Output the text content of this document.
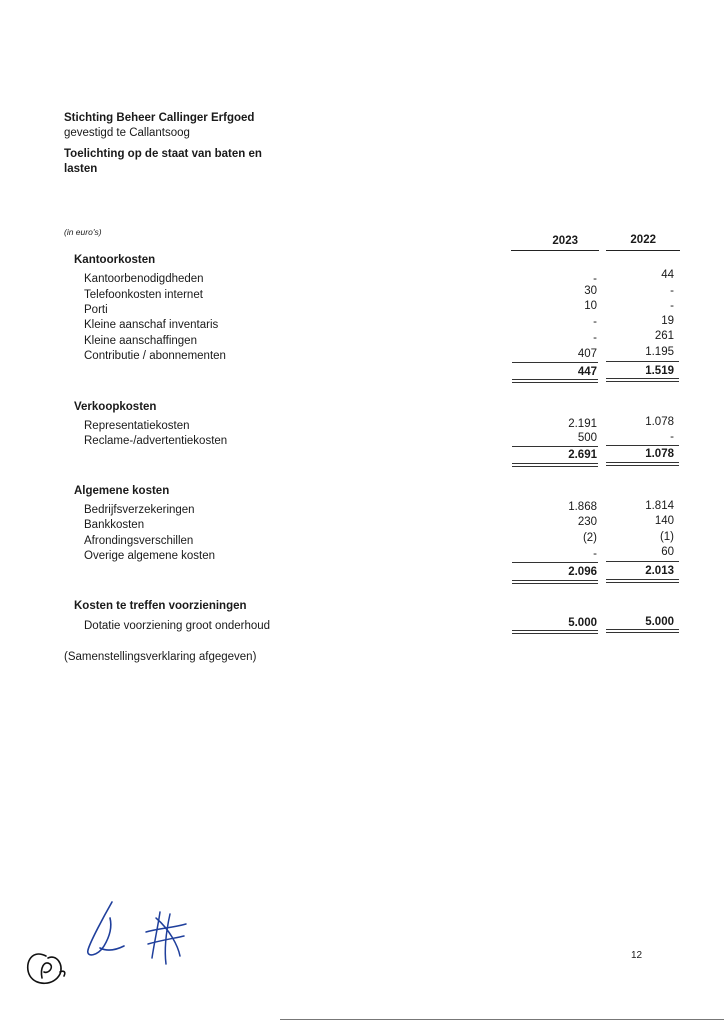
Stichting Beheer Callinger Erfgoed
gevestigd te Callantsoog
Toelichting op de staat van baten en lasten
(in euro's)
2023	2022
Kantoorkosten
Kantoorbenodigdheden	-	44
Telefoonkosten internet	30	-
Porti	10	-
Kleine aanschaf inventaris	-	19
Kleine aanschaffingen	-	261
Contributie / abonnementen	407	1.195
447	1.519
Verkoopkosten
Representatiekosten	2.191	1.078
Reclame-/advertentiekosten	500	-
2.691	1.078
Algemene kosten
Bedrijfsverzekeringen	1.868	1.814
Bankkosten	230	140
Afrondingsverschillen	(2)	(1)
Overige algemene kosten	-	60
2.096	2.013
Kosten te treffen voorzieningen
Dotatie voorziening groot onderhoud	5.000	5.000
(Samenstellingsverklaring afgegeven)
12
